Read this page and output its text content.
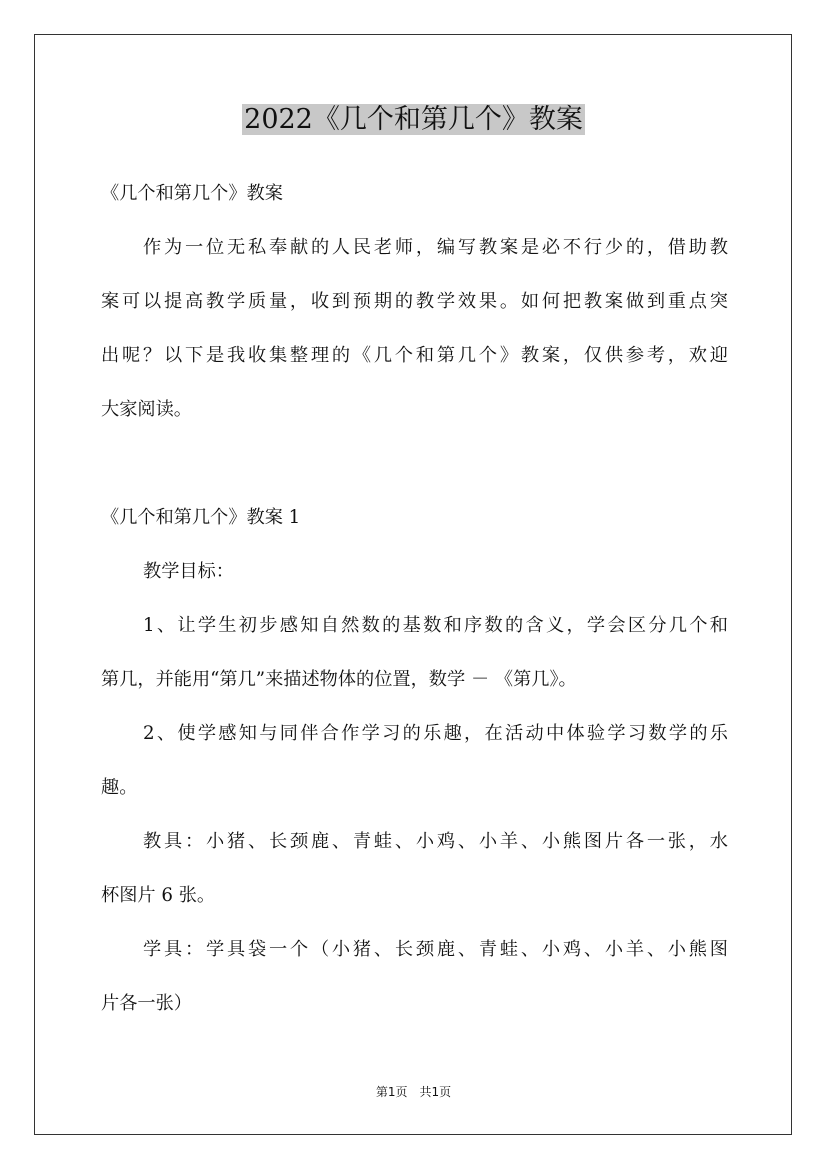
2022《几个和第几个》教案
《几个和第几个》教案
作为一位无私奉献的人民老师，编写教案是必不行少的，借助教
案可以提高教学质量，收到预期的教学效果。如何把教案做到重点突
出呢？以下是我收集整理的《几个和第几个》教案，仅供参考，欢迎
大家阅读。
《几个和第几个》教案 1
教学目标：
1、让学生初步感知自然数的基数和序数的含义，学会区分几个和
第几，并能用“第几”来描述物体的位置，数学 － 《第几》。
2、使学感知与同伴合作学习的乐趣，在活动中体验学习数学的乐
趣。
教具：小猪、长颈鹿、青蛙、小鸡、小羊、小熊图片各一张，水
杯图片 6 张。
学具：学具袋一个（小猪、长颈鹿、青蛙、小鸡、小羊、小熊图
片各一张）
第1页　共1页
